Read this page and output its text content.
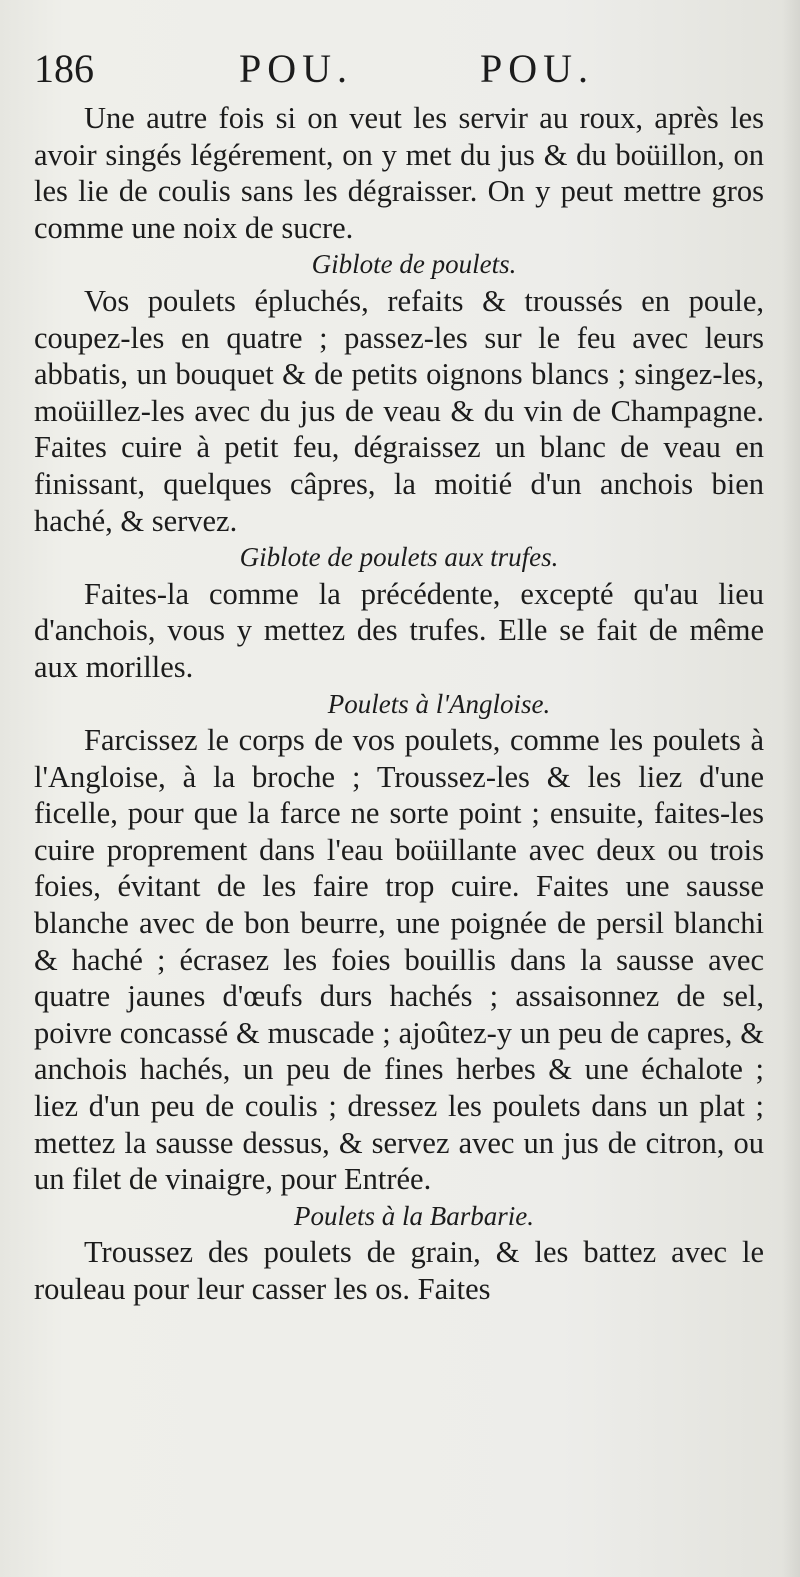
186	POU.	POU.

Une autre fois si on veut les servir au roux, après les avoir singés légérement, on y met du jus & du boüillon, on les lie de coulis sans les dégraisser. On y peut mettre gros comme une noix de sucre.

Giblote de poulets.

Vos poulets épluchés, refaits & troussés en poule, coupez-les en quatre ; passez-les sur le feu avec leurs abbatis, un bouquet & de petits oignons blancs ; singez-les, moüillez-les avec du jus de veau & du vin de Champagne. Faites cuire à petit feu, dégraissez un blanc de veau en finissant, quelques câpres, la moitié d'un anchois bien haché, & servez.

Giblote de poulets aux trufes.

Faites-la comme la précédente, excepté qu'au lieu d'anchois, vous y mettez des trufes. Elle se fait de même aux morilles.

Poulets à l'Angloise.

Farcissez le corps de vos poulets, comme les poulets à l'Angloise, à la broche ; Troussez-les & les liez d'une ficelle, pour que la farce ne sorte point ; ensuite, faites-les cuire proprement dans l'eau boüillante avec deux ou trois foies, évitant de les faire trop cuire. Faites une sausse blanche avec de bon beurre, une poignée de persil blanchi & haché ; écrasez les foies bouillis dans la sausse avec quatre jaunes d'œufs durs hachés ; assaisonnez de sel, poivre concassé & muscade ; ajoûtez-y un peu de capres, & anchois hachés, un peu de fines herbes & une échalote ; liez d'un peu de coulis ; dressez les poulets dans un plat ; mettez la sausse dessus, & servez avec un jus de citron, ou un filet de vinaigre, pour Entrée.

Poulets à la Barbarie.

Troussez des poulets de grain, & les battez avec le rouleau pour leur casser les os. Faites
